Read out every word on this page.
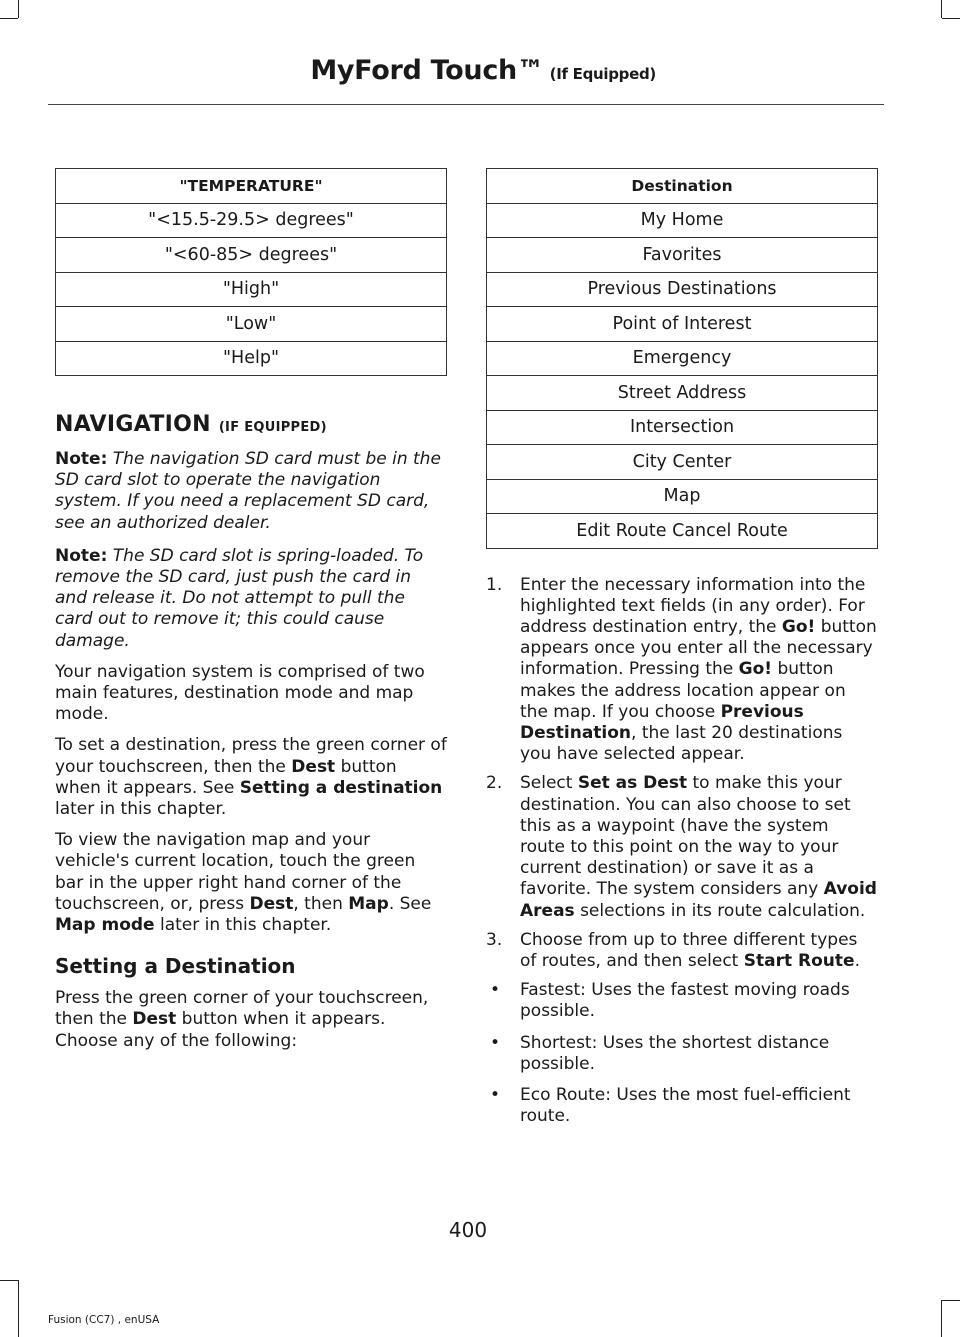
MyFord Touch™ (If Equipped)
"TEMPERATURE"
"<15.5-29.5> degrees"
"<60-85> degrees"
"High"
"Low"
"Help"
NAVIGATION (IF EQUIPPED)

Note: The navigation SD card must be in the SD card slot to operate the navigation system. If you need a replacement SD card, see an authorized dealer.

Note: The SD card slot is spring-loaded. To remove the SD card, just push the card in and release it. Do not attempt to pull the card out to remove it; this could cause damage.

Your navigation system is comprised of two main features, destination mode and map mode.

To set a destination, press the green corner of your touchscreen, then the Dest button when it appears. See Setting a destination later in this chapter.

To view the navigation map and your vehicle's current location, touch the green bar in the upper right hand corner of the touchscreen, or, press Dest, then Map. See Map mode later in this chapter.

Setting a Destination

Press the green corner of your touchscreen, then the Dest button when it appears. Choose any of the following:

Destination
My Home
Favorites
Previous Destinations
Point of Interest
Emergency
Street Address
Intersection
City Center
Map
Edit Route Cancel Route
1. Enter the necessary information into the highlighted text fields (in any order). For address destination entry, the Go! button appears once you enter all the necessary information. Pressing the Go! button makes the address location appear on the map. If you choose Previous Destination, the last 20 destinations you have selected appear.
2. Select Set as Dest to make this your destination. You can also choose to set this as a waypoint (have the system route to this point on the way to your current destination) or save it as a favorite. The system considers any Avoid Areas selections in its route calculation.
3. Choose from up to three different types of routes, and then select Start Route.
• Fastest: Uses the fastest moving roads possible.
• Shortest: Uses the shortest distance possible.
• Eco Route: Uses the most fuel-efficient route.
400
Fusion (CC7) , enUSA
